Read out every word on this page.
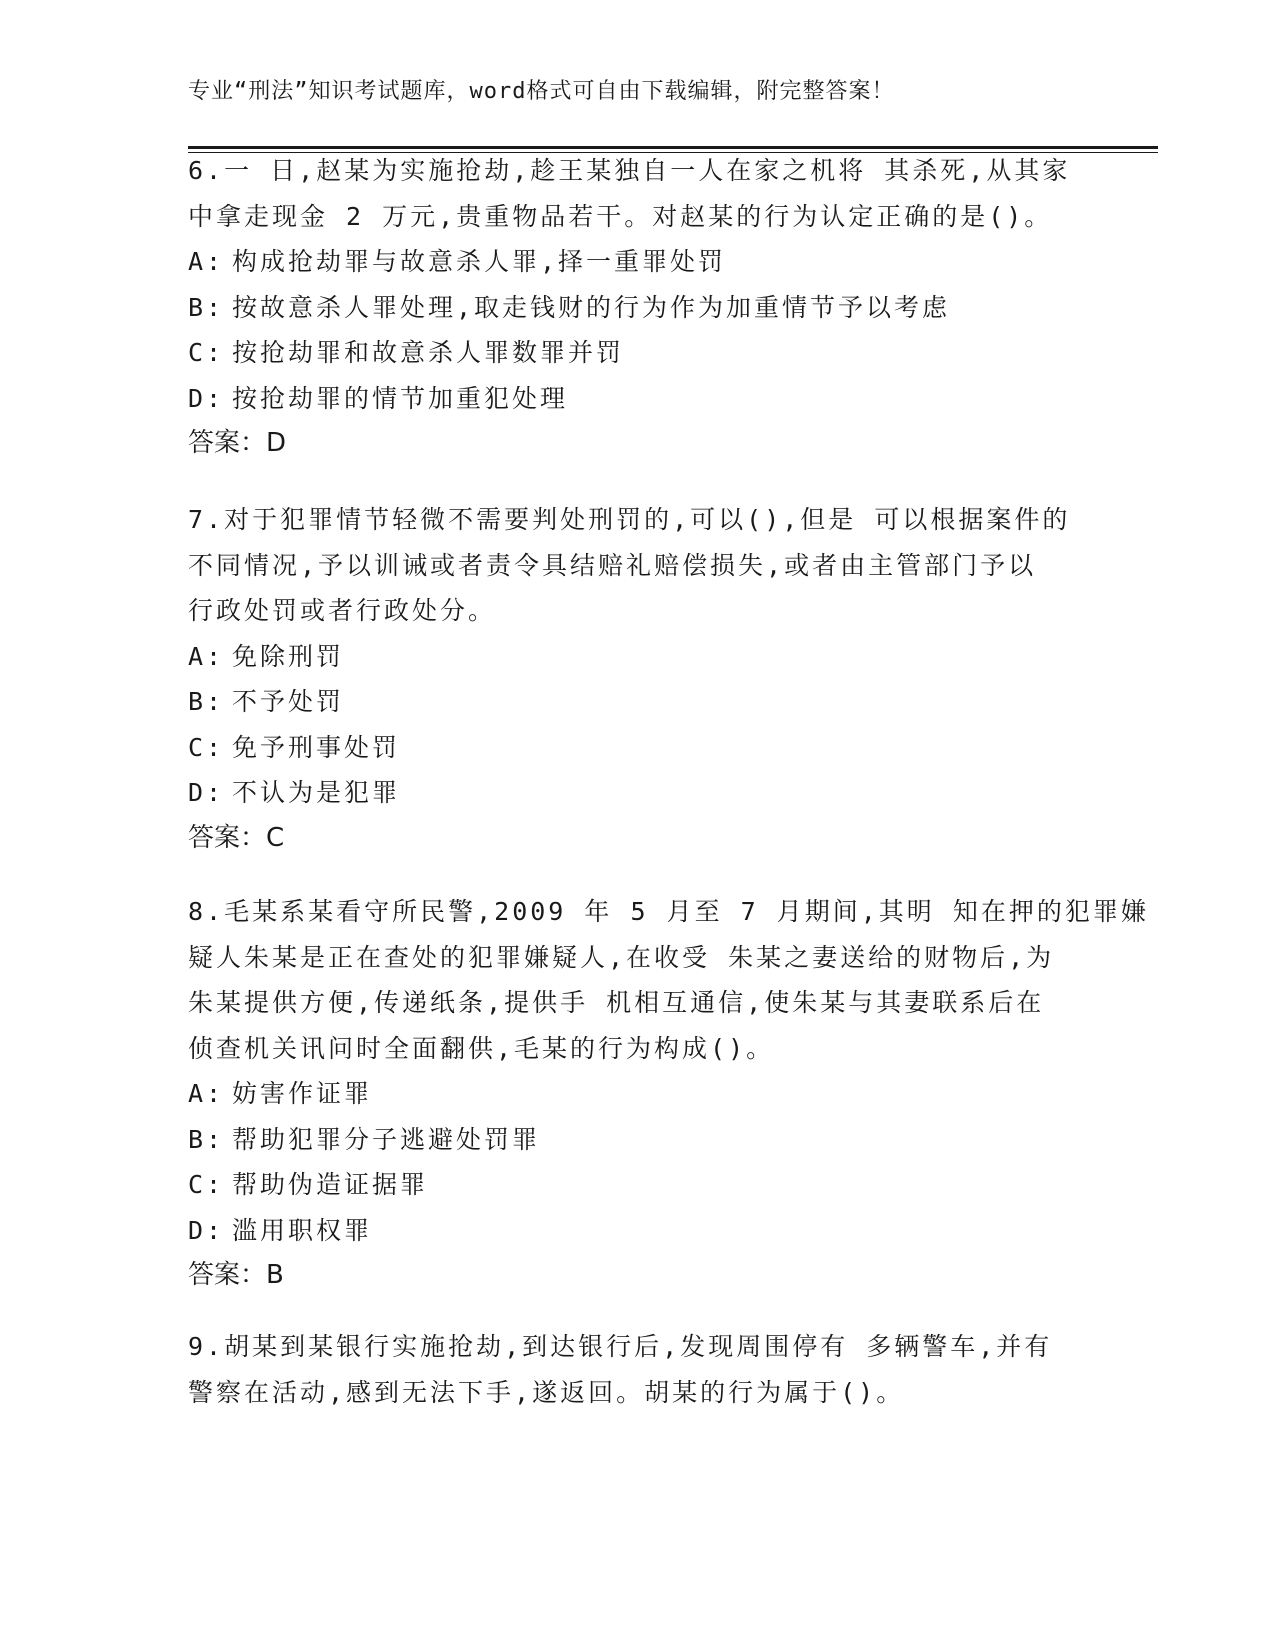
专业“刑法”知识考试题库，word格式可自由下载编辑，附完整答案！
6.一 日,赵某为实施抢劫,趁王某独自一人在家之机将 其杀死,从其家
中拿走现金 2 万元,贵重物品若干。对赵某的行为认定正确的是()。
A: 构成抢劫罪与故意杀人罪,择一重罪处罚
B: 按故意杀人罪处理,取走钱财的行为作为加重情节予以考虑
C: 按抢劫罪和故意杀人罪数罪并罚
D: 按抢劫罪的情节加重犯处理
答案：D
7.对于犯罪情节轻微不需要判处刑罚的,可以(),但是 可以根据案件的
不同情况,予以训诫或者责令具结赔礼赔偿损失,或者由主管部门予以
行政处罚或者行政处分。
A: 免除刑罚
B: 不予处罚
C: 免予刑事处罚
D: 不认为是犯罪
答案：C
8.毛某系某看守所民警,2009 年 5 月至 7 月期间,其明 知在押的犯罪嫌
疑人朱某是正在查处的犯罪嫌疑人,在收受 朱某之妻送给的财物后,为
朱某提供方便,传递纸条,提供手 机相互通信,使朱某与其妻联系后在
侦查机关讯问时全面翻供,毛某的行为构成()。
A: 妨害作证罪
B: 帮助犯罪分子逃避处罚罪
C: 帮助伪造证据罪
D: 滥用职权罪
答案：B
9.胡某到某银行实施抢劫,到达银行后,发现周围停有 多辆警车,并有
警察在活动,感到无法下手,遂返回。胡某的行为属于()。
